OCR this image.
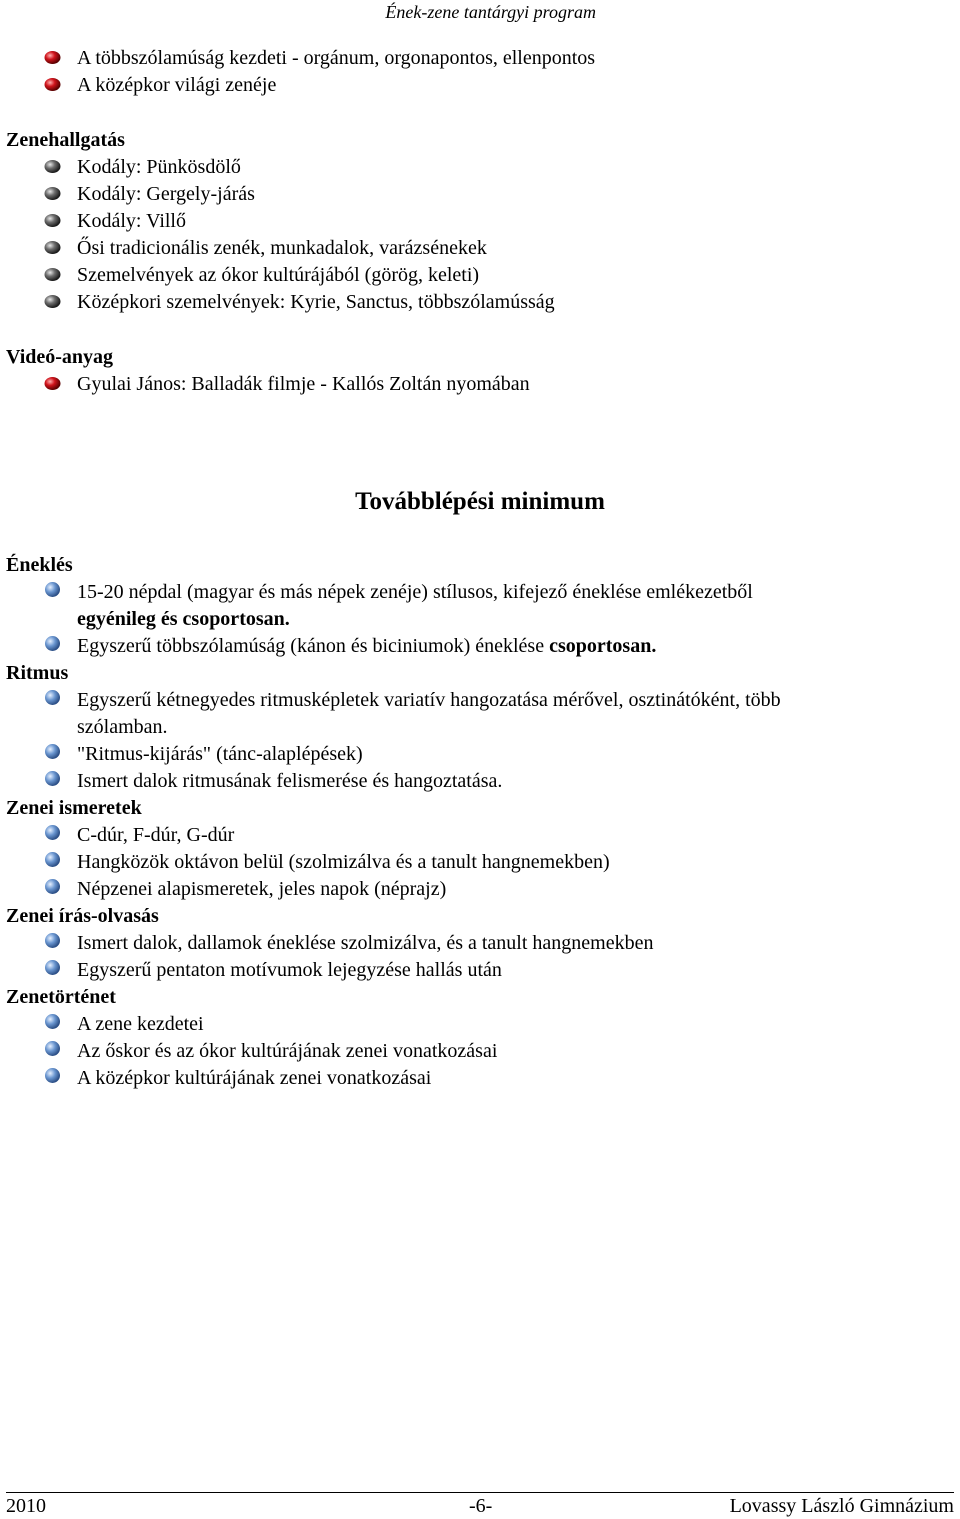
Ének-zene tantárgyi program
A többszólamúság kezdeti - orgánum, orgonapontos, ellenpontos
A középkor világi zenéje
Zenehallgatás
Kodály: Pünkösdölő
Kodály: Gergely-járás
Kodály: Villő
Ősi tradicionális zenék, munkadalok, varázsénekek
Szemelvények az ókor kultúrájából (görög, keleti)
Középkori szemelvények: Kyrie, Sanctus, többszólamússág
Videó-anyag
Gyulai János: Balladák filmje - Kallós Zoltán nyomában
Továbblépési minimum
Éneklés
15-20 népdal (magyar és más népek zenéje) stílusos, kifejező éneklése emlékezetből
egyénileg és csoportosan.
Egyszerű többszólamúság (kánon és biciniumok) éneklése csoportosan.
Ritmus
Egyszerű kétnegyedes ritmusképletek variatív hangozatása mérővel, osztinátóként, több
szólamban.
"Ritmus-kijárás" (tánc-alaplépések)
Ismert dalok ritmusának felismerése és hangoztatása.
Zenei ismeretek
C-dúr, F-dúr, G-dúr
Hangközök oktávon belül (szolmizálva és a tanult hangnemekben)
Népzenei alapismeretek, jeles napok (néprajz)
Zenei írás-olvasás
Ismert dalok, dallamok éneklése szolmizálva, és a tanult hangnemekben
Egyszerű pentaton motívumok lejegyzése hallás után
Zenetörténet
A zene kezdetei
Az őskor és az ókor kultúrájának zenei vonatkozásai
A középkor kultúrájának zenei vonatkozásai
2010	-6-	Lovassy László Gimnázium
